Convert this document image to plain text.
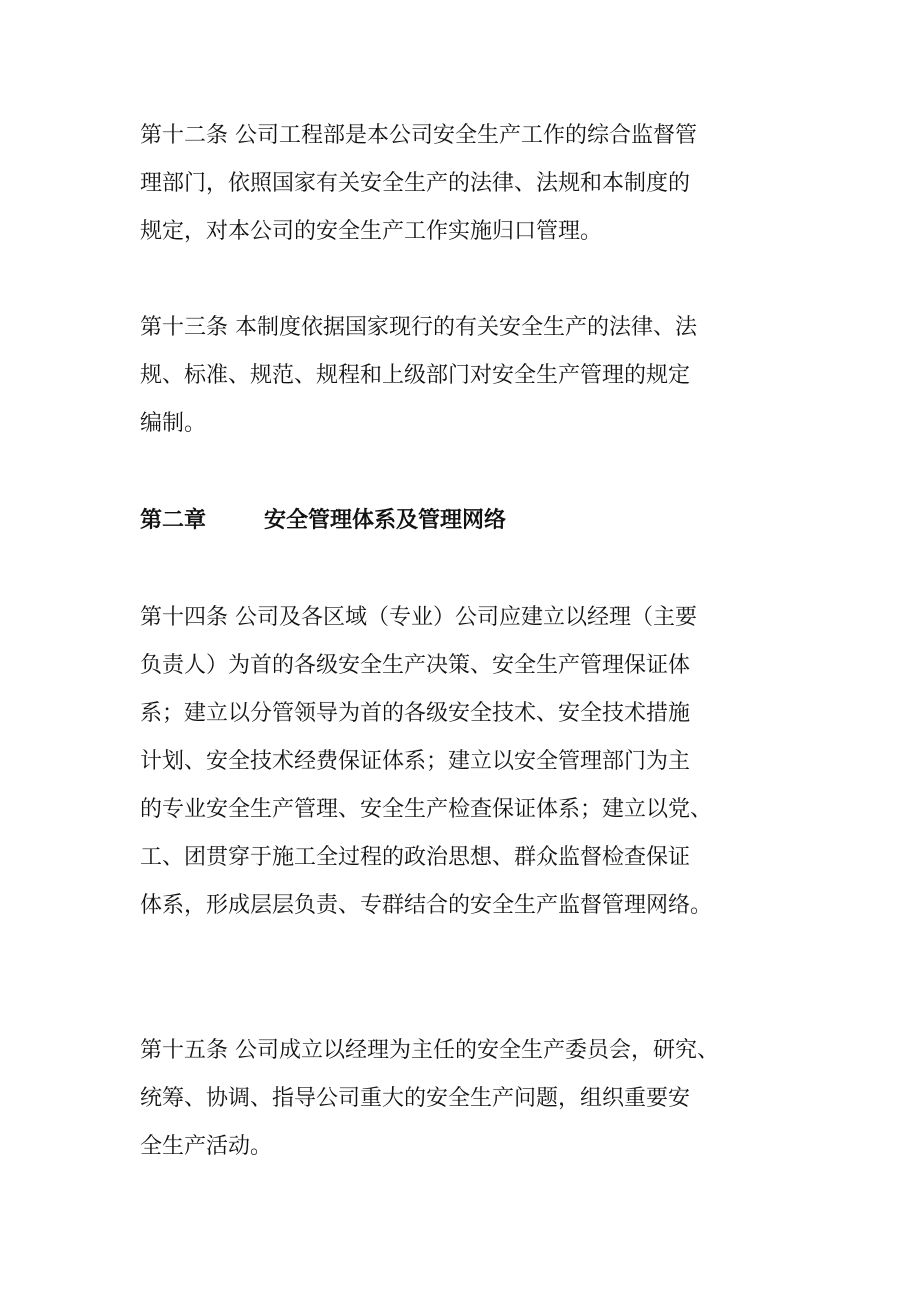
第十二条 公司工程部是本公司安全生产工作的综合监督管
理部门，依照国家有关安全生产的法律、法规和本制度的
规定，对本公司的安全生产工作实施归口管理。
第十三条 本制度依据国家现行的有关安全生产的法律、法
规、标准、规范、规程和上级部门对安全生产管理的规定
编制。
第二章	安全管理体系及管理网络
第十四条 公司及各区域（专业）公司应建立以经理（主要
负责人）为首的各级安全生产决策、安全生产管理保证体
系；建立以分管领导为首的各级安全技术、安全技术措施
计划、安全技术经费保证体系；建立以安全管理部门为主
的专业安全生产管理、安全生产检查保证体系；建立以党、
工、团贯穿于施工全过程的政治思想、群众监督检查保证
体系，形成层层负责、专群结合的安全生产监督管理网络。
第十五条 公司成立以经理为主任的安全生产委员会，研究、
统筹、协调、指导公司重大的安全生产问题，组织重要安
全生产活动。
